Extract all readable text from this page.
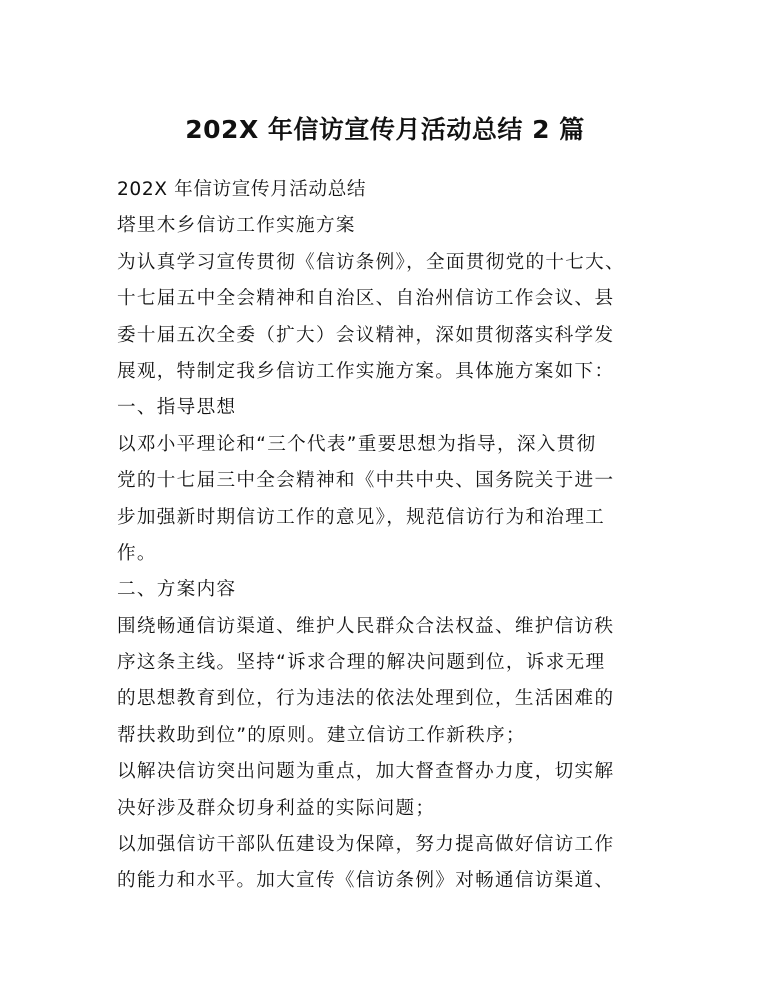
202X 年信访宣传月活动总结 2 篇
202X 年信访宣传月活动总结
塔里木乡信访工作实施方案
为认真学习宣传贯彻《信访条例》，全面贯彻党的十七大、
十七届五中全会精神和自治区、自治州信访工作会议、县
委十届五次全委（扩大）会议精神，深如贯彻落实科学发
展观，特制定我乡信访工作实施方案。具体施方案如下：
一、指导思想
以邓小平理论和“三个代表”重要思想为指导，深入贯彻
党的十七届三中全会精神和《中共中央、国务院关于进一
步加强新时期信访工作的意见》，规范信访行为和治理工
作。
二、方案内容
围绕畅通信访渠道、维护人民群众合法权益、维护信访秩
序这条主线。坚持“诉求合理的解决问题到位，诉求无理
的思想教育到位，行为违法的依法处理到位，生活困难的
帮扶救助到位”的原则。建立信访工作新秩序；
以解决信访突出问题为重点，加大督查督办力度，切实解
决好涉及群众切身利益的实际问题；
以加强信访干部队伍建设为保障，努力提高做好信访工作
的能力和水平。加大宣传《信访条例》对畅通信访渠道、
